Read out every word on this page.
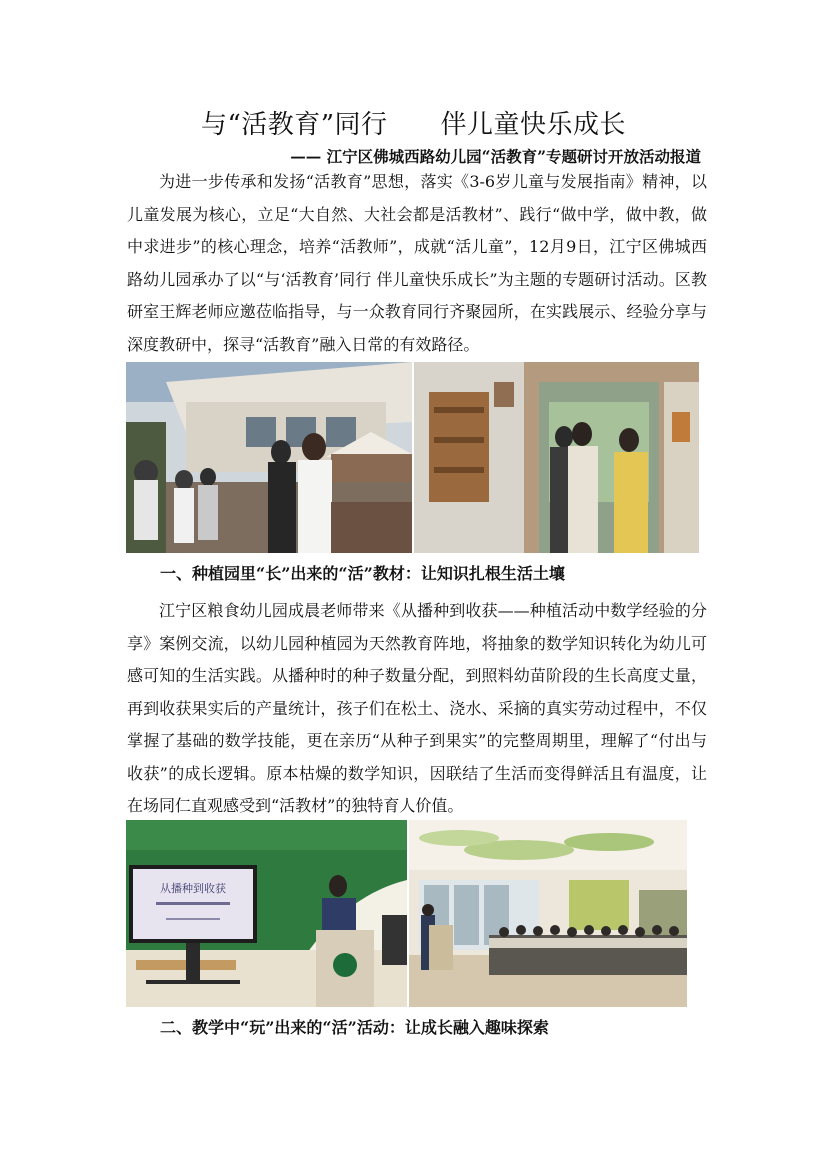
与“活教育”同行　　伴儿童快乐成长
—— 江宁区佛城西路幼儿园“活教育”专题研讨开放活动报道

为进一步传承和发扬“活教育”思想，落实《3-6岁儿童与发展指南》精神，以儿童发展为核心，立足“大自然、大社会都是活教材”、践行“做中学，做中教，做中求进步”的核心理念，培养“活教师”，成就“活儿童”，12月9日，江宁区佛城西路幼儿园承办了以“与‘活教育’同行 伴儿童快乐成长”为主题的专题研讨活动。区教研室王辉老师应邀莅临指导，与一众教育同行齐聚园所，在实践展示、经验分享与深度教研中，探寻“活教育”融入日常的有效路径。

一、种植园里“长”出来的“活”教材：让知识扎根生活土壤

江宁区粮食幼儿园成晨老师带来《从播种到收获——种植活动中数学经验的分享》案例交流，以幼儿园种植园为天然教育阵地，将抽象的数学知识转化为幼儿可感可知的生活实践。从播种时的种子数量分配，到照料幼苗阶段的生长高度丈量，再到收获果实后的产量统计，孩子们在松土、浇水、采摘的真实劳动过程中，不仅掌握了基础的数学技能，更在亲历“从种子到果实”的完整周期里，理解了“付出与收获”的成长逻辑。原本枯燥的数学知识，因联结了生活而变得鲜活且有温度，让在场同仁直观感受到“活教材”的独特育人价值。

从播种到收获
二、教学中“玩”出来的“活”活动：让成长融入趣味探索
